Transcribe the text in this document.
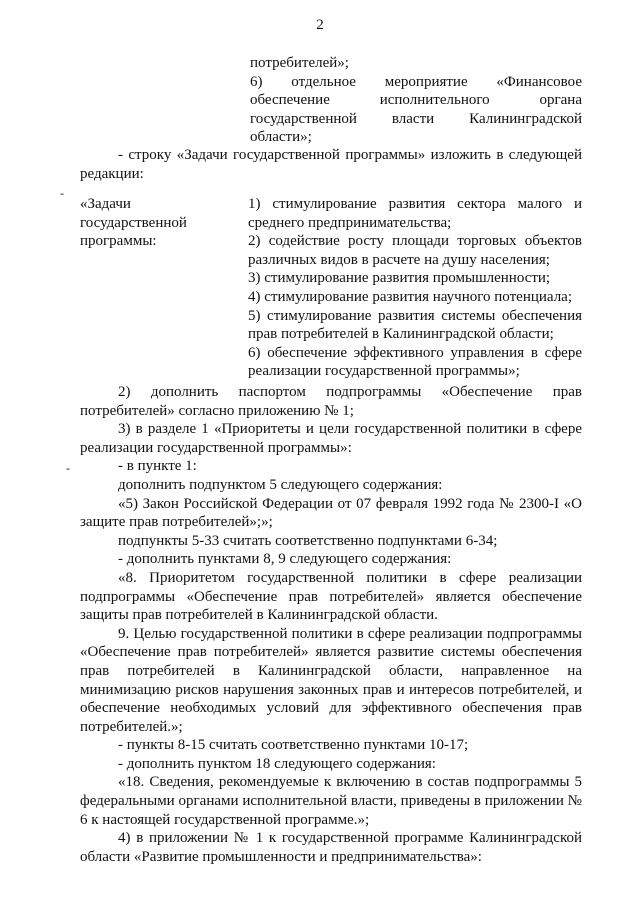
2
потребителей»;
6) отдельное мероприятие «Финансовое
обеспечение исполнительного органа
государственной власти Калининградской
области»;
- строку «Задачи государственной программы» изложить в следующей
редакции:
-
«Задачи
государственной
программы:
1) стимулирование развития сектора малого и среднего предпринимательства;
2) содействие росту площади торговых объектов различных видов в расчете на душу населения;
3) стимулирование развития промышленности;
4) стимулирование развития научного потенциала;
5) стимулирование развития системы обеспечения прав потребителей в Калининградской области;
6) обеспечение эффективного управления в сфере реализации государственной программы»;
-
2) дополнить паспортом подпрограммы «Обеспечение прав потребителей» согласно приложению № 1;
3) в разделе 1 «Приоритеты и цели государственной политики в сфере реализации государственной программы»:
- в пункте 1:
дополнить подпунктом 5 следующего содержания:
«5) Закон Российской Федерации от 07 февраля 1992 года № 2300-I «О защите прав потребителей»;»;
подпункты 5-33 считать соответственно подпунктами 6-34;
- дополнить пунктами 8, 9 следующего содержания:
«8. Приоритетом государственной политики в сфере реализации подпрограммы «Обеспечение прав потребителей» является обеспечение защиты прав потребителей в Калининградской области.
9. Целью государственной политики в сфере реализации подпрограммы «Обеспечение прав потребителей» является развитие системы обеспечения прав потребителей в Калининградской области, направленное на минимизацию рисков нарушения законных прав и интересов потребителей, и обеспечение необходимых условий для эффективного обеспечения прав потребителей.»;
- пункты 8-15 считать соответственно пунктами 10-17;
- дополнить пунктом 18 следующего содержания:
«18. Сведения, рекомендуемые к включению в состав подпрограммы 5 федеральными органами исполнительной власти, приведены в приложении № 6 к настоящей государственной программе.»;
4) в приложении № 1 к государственной программе Калининградской области «Развитие промышленности и предпринимательства»:
